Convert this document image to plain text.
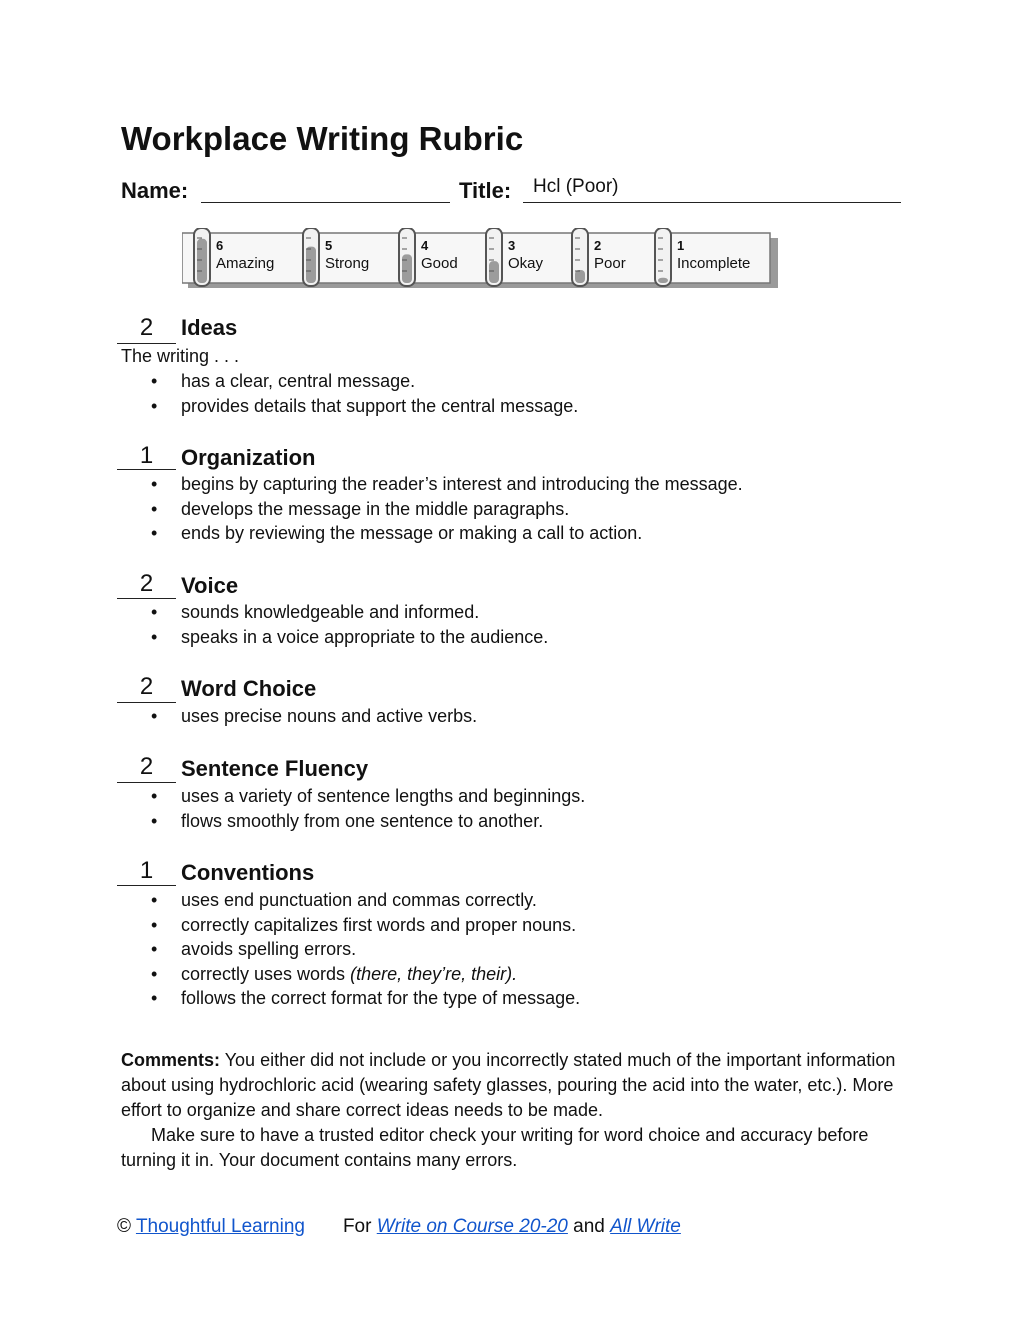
Workplace Writing Rubric
Name:	Title: Hcl (Poor)
6
Amazing
5
Strong
4
Good
3
Okay
2
Poor
1
Incomplete
2	Ideas
The writing . . .
• has a clear, central message.
• provides details that support the central message.
1	Organization
• begins by capturing the reader’s interest and introducing the message.
• develops the message in the middle paragraphs.
• ends by reviewing the message or making a call to action.
2	Voice
• sounds knowledgeable and informed.
• speaks in a voice appropriate to the audience.
2	Word Choice
• uses precise nouns and active verbs.
2	Sentence Fluency
• uses a variety of sentence lengths and beginnings.
• flows smoothly from one sentence to another.
1	Conventions
• uses end punctuation and commas correctly.
• correctly capitalizes first words and proper nouns.
• avoids spelling errors.
• correctly uses words (there, they’re, their).
• follows the correct format for the type of message.

Comments: You either did not include or you incorrectly stated much of the important information about using hydrochloric acid (wearing safety glasses, pouring the acid into the water, etc.). More effort to organize and share correct ideas needs to be made.

Make sure to have a trusted editor check your writing for word choice and accuracy before turning it in. Your document contains many errors.

© Thoughtful Learning For Write on Course 20-20 and All Write
